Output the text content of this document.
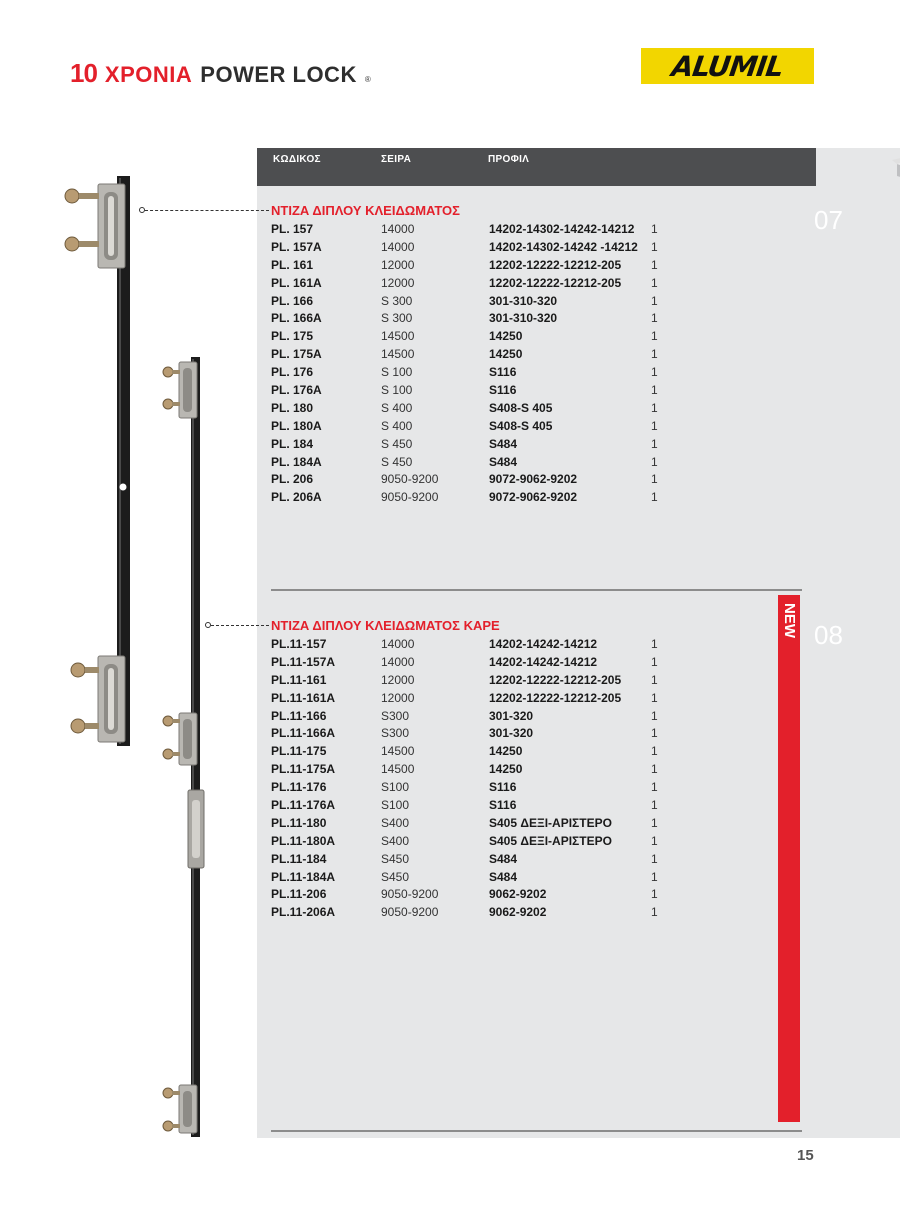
10 ΧΡΟΝΙΑ POWER LOCK ®	ALUMIL
ΚΩΔΙΚΟΣ	ΣΕΙΡΑ	ΠΡΟΦΙΛ
ΝΤΙΖΑ ΔΙΠΛΟΥ ΚΛΕΙΔΩΜΑΤΟΣ	07
PL. 157	14000	14202-14302-14242-14212 1
PL. 157A	14000	14202-14302-14242 -14212 1
PL. 161	12000	12202-12222-12212-205 1
PL. 161A	12000	12202-12222-12212-205 1
PL. 166	S 300	301-310-320	1
PL. 166A	S 300	301-310-320	1
PL. 175	14500	14250	1
PL. 175A	14500	14250	1
PL. 176	S 100	S116	1
PL. 176A	S 100	S116	1
PL. 180	S 400	S408-S 405	1
PL. 180A	S 400	S408-S 405	1
PL. 184	S 450	S484	1
PL. 184A	S 450	S484	1
PL. 206	9050-9200	9072-9062-9202	1
PL. 206A	9050-9200	9072-9062-9202	1
ΝΤΙΖΑ ΔΙΠΛΟΥ ΚΛΕΙΔΩΜΑΤΟΣ ΚΑΡΕ	08
NEW
PL.11-157	14000	14202-14242-14212	1
PL.11-157A	14000	14202-14242-14212	1
PL.11-161	12000	12202-12222-12212-205 1
PL.11-161A	12000	12202-12222-12212-205 1
PL.11-166	S300	301-320	1
PL.11-166A	S300	301-320	1
PL.11-175	14500	14250	1
PL.11-175A	14500	14250	1
PL.11-176	S100	S116	1
PL.11-176A	S100	S116	1
PL.11-180	S400	S405 ΔΕΞΙ-ΑΡΙΣΤΕΡΟ	1
PL.11-180A	S400	S405 ΔΕΞΙ-ΑΡΙΣΤΕΡΟ	1
PL.11-184	S450	S484	1
PL.11-184A	S450	S484	1
PL.11-206	9050-9200	9062-9202	1
PL.11-206A	9050-9200	9062-9202	1
15
